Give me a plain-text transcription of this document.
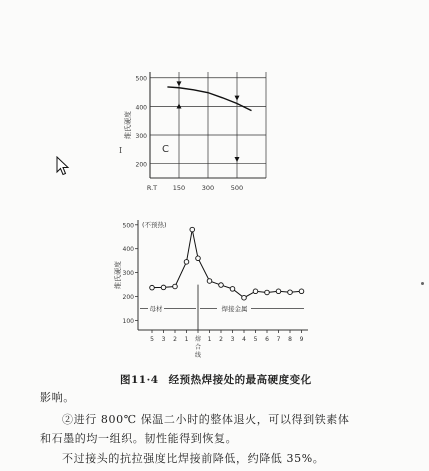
200
300
400
500
R.T 150	300	500
维氏硬度
C
100
200
300
400
500
5 3 2 1 熔
合
线
1 2 3 4 5 6 7 8 9
母材	焊接金属
(不预热)
维氏硬度
I
图11·4 经预热焊接处的最高硬度变化
影响。
②进行 800℃ 保温二小时的整体退火，可以得到铁素体
和石墨的均一组织。韧性能得到恢复。
不过接头的抗拉强度比焊接前降低，约降低 35%。
